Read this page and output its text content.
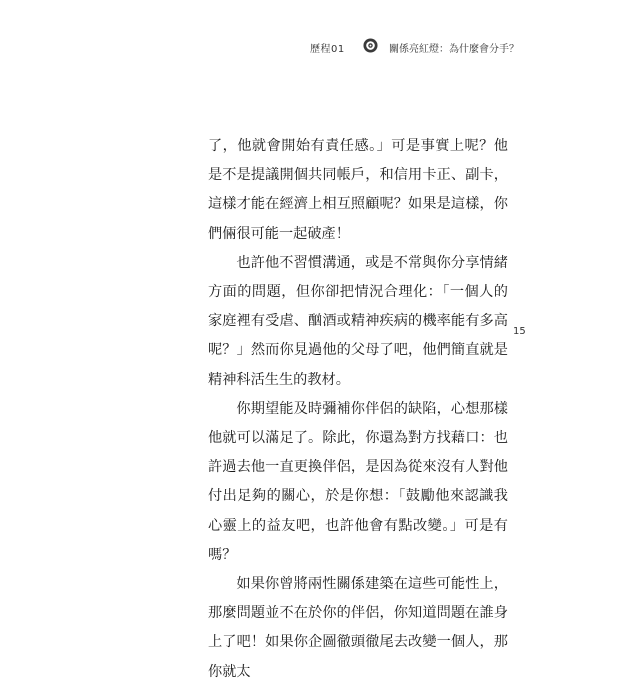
歷程01	關係亮紅燈：為什麼會分手？

了，他就會開始有責任感。」可是事實上呢？他是不是提議開個共同帳戶，和信用卡正、副卡，這樣才能在經濟上相互照顧呢？如果是這樣，你們倆很可能一起破產！

也許他不習慣溝通，或是不常與你分享情緒方面的問題，但你卻把情況合理化：「一個人的家庭裡有受虐、酗酒或精神疾病的機率能有多高呢？」然而你見過他的父母了吧，他們簡直就是精神科活生生的教材。

你期望能及時彌補你伴侶的缺陷，心想那樣他就可以滿足了。除此，你還為對方找藉口：也許過去他一直更換伴侶，是因為從來沒有人對他付出足夠的關心，於是你想：「鼓勵他來認識我心靈上的益友吧，也許他會有點改變。」可是有嗎？

如果你曾將兩性關係建築在這些可能性上，那麼問題並不在於你的伴侶，你知道問題在誰身上了吧！如果你企圖徹頭徹尾去改變一個人，那你就太

15
